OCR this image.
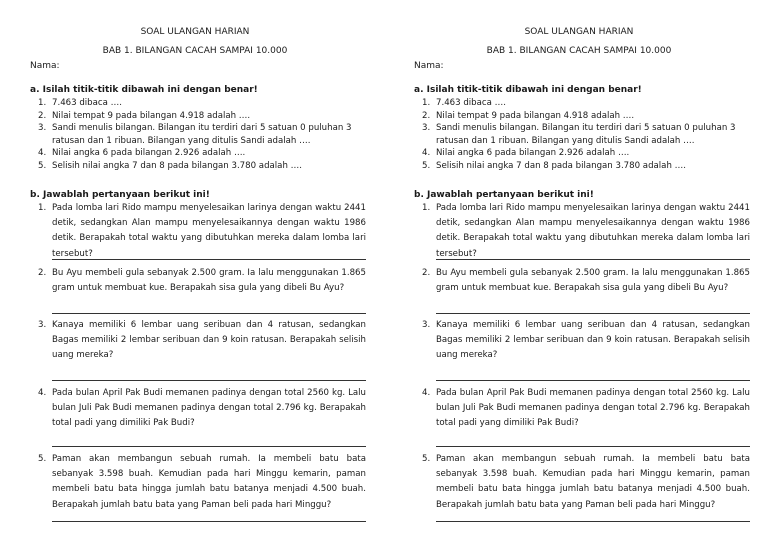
SOAL ULANGAN HARIAN
BAB 1. BILANGAN CACAH SAMPAI 10.000
Nama:
a. Isilah titik-titik dibawah ini dengan benar!
1. 7.463 dibaca ….
2. Nilai tempat 9 pada bilangan 4.918 adalah ….
3. Sandi menulis bilangan. Bilangan itu terdiri dari 5 satuan 0 puluhan 3 ratusan dan 1 ribuan. Bilangan yang ditulis Sandi adalah ….
4. Nilai angka 6 pada bilangan 2.926 adalah ….
5. Selisih nilai angka 7 dan 8 pada bilangan 3.780 adalah ….
b. Jawablah pertanyaan berikut ini!
1. Pada lomba lari Rido mampu menyelesaikan larinya dengan waktu 2441 detik, sedangkan Alan mampu menyelesaikannya dengan waktu 1986 detik. Berapakah total waktu yang dibutuhkan mereka dalam lomba lari tersebut?
2. Bu Ayu membeli gula sebanyak 2.500 gram. Ia lalu menggunakan 1.865 gram untuk membuat kue. Berapakah sisa gula yang dibeli Bu Ayu?
3. Kanaya memiliki 6 lembar uang seribuan dan 4 ratusan, sedangkan Bagas memiliki 2 lembar seribuan dan 9 koin ratusan. Berapakah selisih uang mereka?
4. Pada bulan April Pak Budi memanen padinya dengan total 2560 kg. Lalu bulan Juli Pak Budi memanen padinya dengan total 2.796 kg. Berapakah total padi yang dimiliki Pak Budi?
5. Paman akan membangun sebuah rumah. Ia membeli batu bata sebanyak 3.598 buah. Kemudian pada hari Minggu kemarin, paman membeli batu bata hingga jumlah batu batanya menjadi 4.500 buah. Berapakah jumlah batu bata yang Paman beli pada hari Minggu?
SOAL ULANGAN HARIAN
BAB 1. BILANGAN CACAH SAMPAI 10.000
Nama:
a. Isilah titik-titik dibawah ini dengan benar!
1. 7.463 dibaca ….
2. Nilai tempat 9 pada bilangan 4.918 adalah ….
3. Sandi menulis bilangan. Bilangan itu terdiri dari 5 satuan 0 puluhan 3 ratusan dan 1 ribuan. Bilangan yang ditulis Sandi adalah ….
4. Nilai angka 6 pada bilangan 2.926 adalah ….
5. Selisih nilai angka 7 dan 8 pada bilangan 3.780 adalah ….
b. Jawablah pertanyaan berikut ini!
1. Pada lomba lari Rido mampu menyelesaikan larinya dengan waktu 2441 detik, sedangkan Alan mampu menyelesaikannya dengan waktu 1986 detik. Berapakah total waktu yang dibutuhkan mereka dalam lomba lari tersebut?
2. Bu Ayu membeli gula sebanyak 2.500 gram. Ia lalu menggunakan 1.865 gram untuk membuat kue. Berapakah sisa gula yang dibeli Bu Ayu?
3. Kanaya memiliki 6 lembar uang seribuan dan 4 ratusan, sedangkan Bagas memiliki 2 lembar seribuan dan 9 koin ratusan. Berapakah selisih uang mereka?
4. Pada bulan April Pak Budi memanen padinya dengan total 2560 kg. Lalu bulan Juli Pak Budi memanen padinya dengan total 2.796 kg. Berapakah total padi yang dimiliki Pak Budi?
5. Paman akan membangun sebuah rumah. Ia membeli batu bata sebanyak 3.598 buah. Kemudian pada hari Minggu kemarin, paman membeli batu bata hingga jumlah batu batanya menjadi 4.500 buah. Berapakah jumlah batu bata yang Paman beli pada hari Minggu?
